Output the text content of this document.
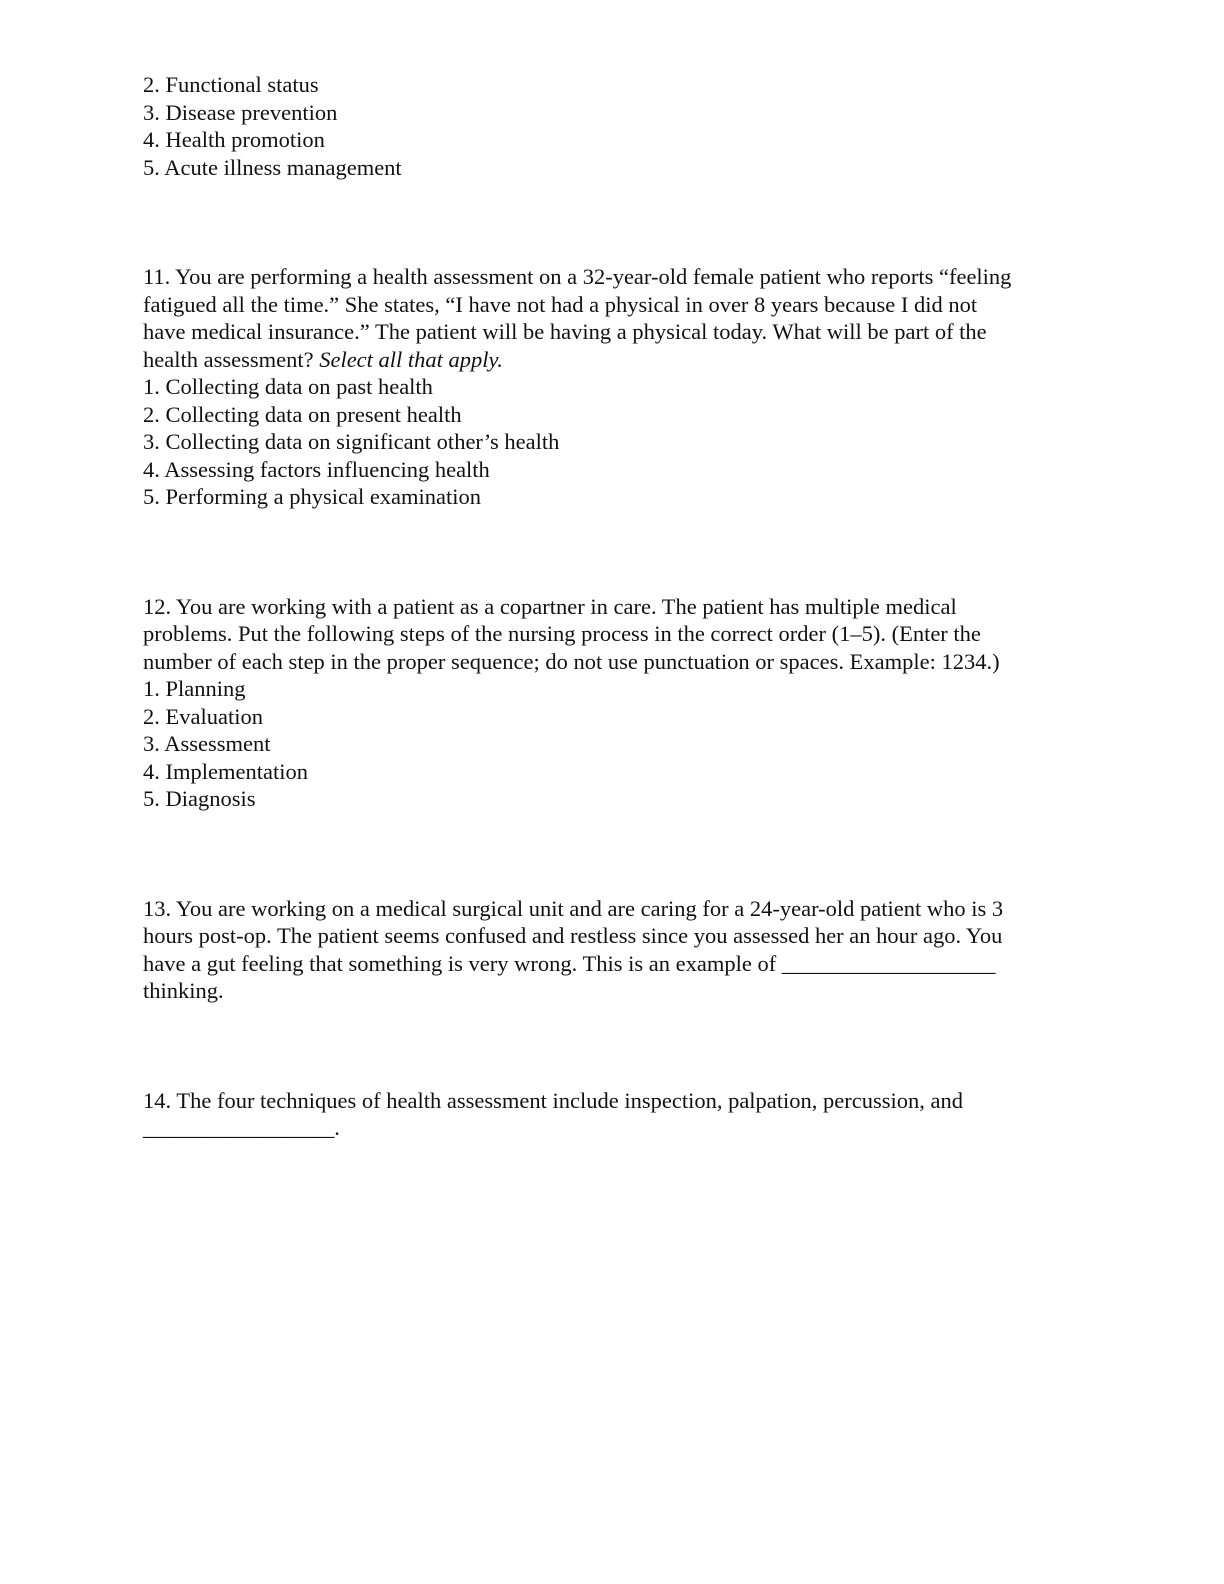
2. Functional status
3. Disease prevention
4. Health promotion
5. Acute illness management
11. You are performing a health assessment on a 32-year-old female patient who reports “feeling
fatigued all the time.” She states, “I have not had a physical in over 8 years because I did not
have medical insurance.” The patient will be having a physical today. What will be part of the
health assessment? Select all that apply.
1. Collecting data on past health
2. Collecting data on present health
3. Collecting data on significant other’s health
4. Assessing factors influencing health
5. Performing a physical examination
12. You are working with a patient as a copartner in care. The patient has multiple medical
problems. Put the following steps of the nursing process in the correct order (1–5). (Enter the
number of each step in the proper sequence; do not use punctuation or spaces. Example: 1234.)
1. Planning
2. Evaluation
3. Assessment
4. Implementation
5. Diagnosis
13. You are working on a medical surgical unit and are caring for a 24-year-old patient who is 3
hours post-op. The patient seems confused and restless since you assessed her an hour ago. You
have a gut feeling that something is very wrong. This is an example of ___________________
thinking.
14. The four techniques of health assessment include inspection, palpation, percussion, and
_________________.
